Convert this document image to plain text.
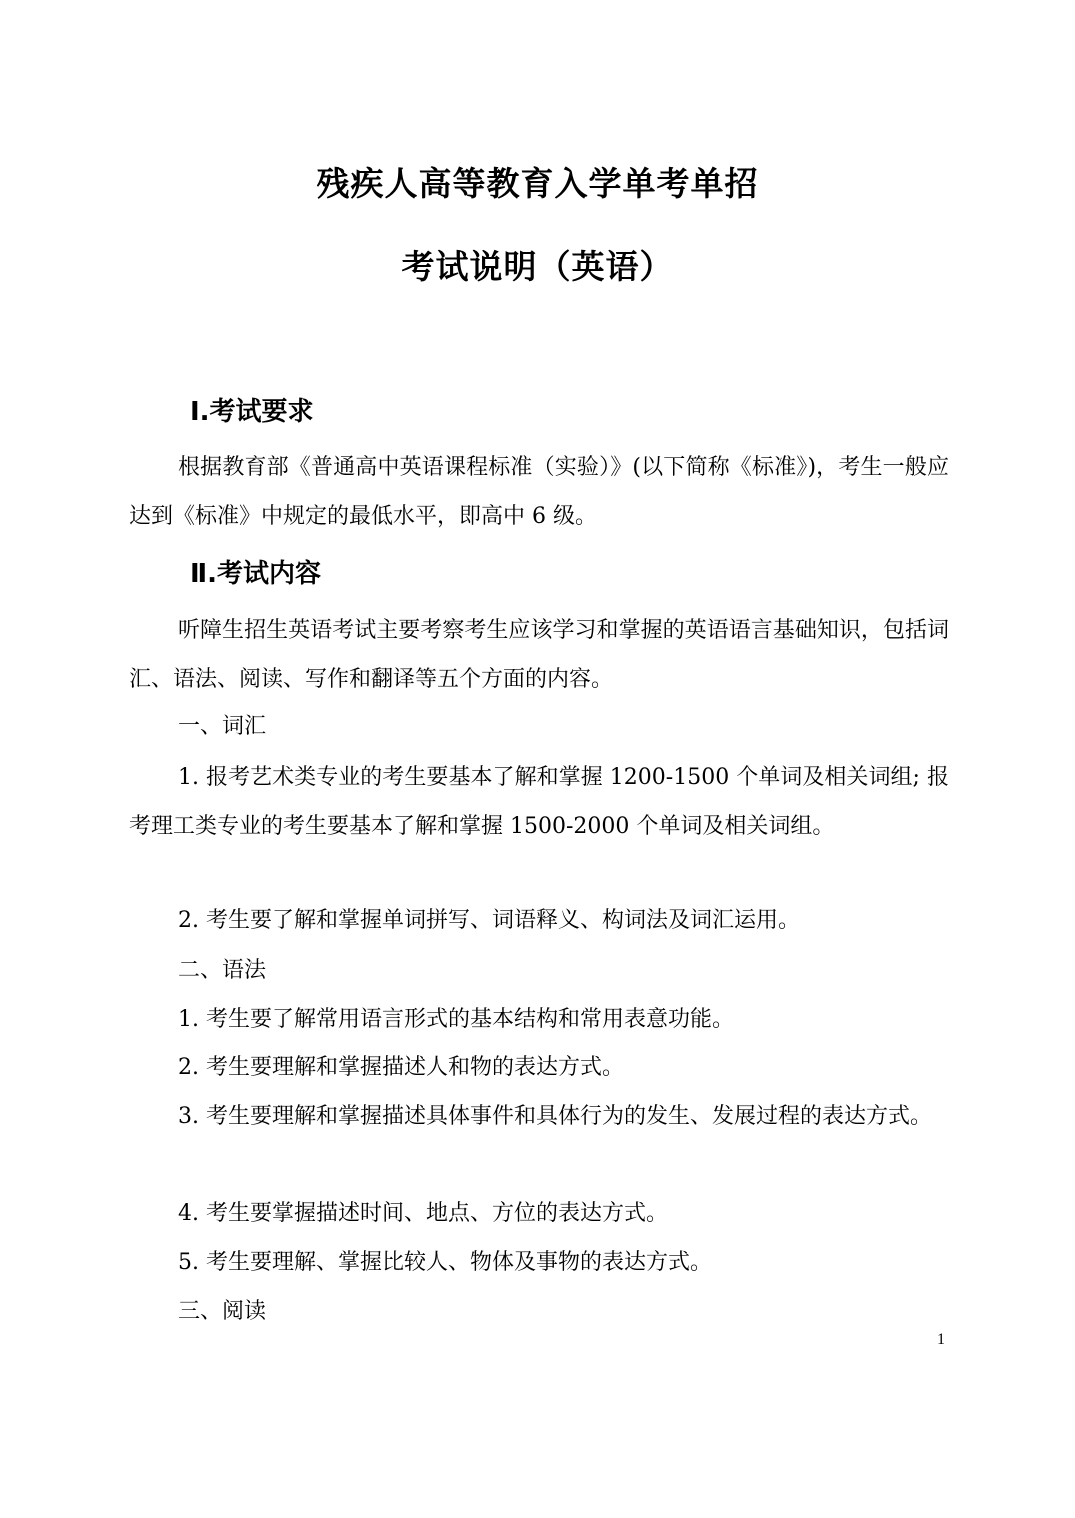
残疾人高等教育入学单考单招
考试说明（英语）
Ⅰ.考试要求

根据教育部《普通高中英语课程标准（实验）》(以下简称《标准》)，考生一般应达到《标准》中规定的最低水平，即高中 6 级。

Ⅱ.考试内容

听障生招生英语考试主要考察考生应该学习和掌握的英语语言基础知识，包括词汇、语法、阅读、写作和翻译等五个方面的内容。

一、词汇

1. 报考艺术类专业的考生要基本了解和掌握 1200-1500 个单词及相关词组; 报考理工类专业的考生要基本了解和掌握 1500-2000 个单词及相关词组。

2. 考生要了解和掌握单词拼写、词语释义、构词法及词汇运用。
二、语法
1. 考生要了解常用语言形式的基本结构和常用表意功能。
2. 考生要理解和掌握描述人和物的表达方式。

3. 考生要理解和掌握描述具体事件和具体行为的发生、发展过程的表达方式。

4. 考生要掌握描述时间、地点、方位的表达方式。
5. 考生要理解、掌握比较人、物体及事物的表达方式。
三、阅读
1
